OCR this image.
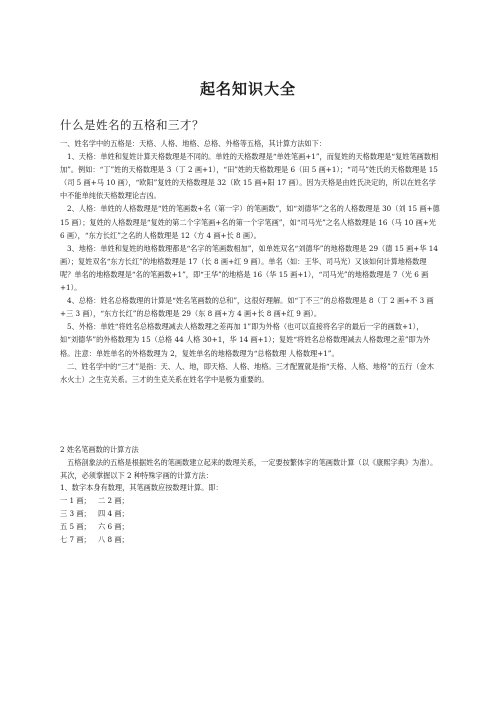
起名知识大全
什么是姓名的五格和三才？

一、姓名学中的五格是：天格、人格、地格、总格、外格等五格，其计算方法如下：

1、天格：单姓和复姓计算天格数理是不同的。单姓的天格数理是“单姓笔画+1”，而复姓的天格数理是“复姓笔画数相加”。例如：“丁”姓的天格数理是 3（丁 2 画+1），“田”姓的天格数理是 6（田 5 画+1）；“司马”姓氏的天格数理是 15（司 5 画+马 10 画），“欧阳”复姓的天格数理是 32（欧 15 画+阳 17 画）。因为天格是由姓氏决定的，所以在姓名学中不能单纯依天格数理论吉凶。

2、人格：单姓的人格数理是“姓的笔画数+名（第一字）的笔画数”，如“刘德华”之名的人格数理是 30（刘 15 画+德 15 画）；复姓的人格数理是“复姓的第二个字笔画+名的第一个字笔画”，如“司马光”之名人格数理是 16（马 10 画+光 6 画），“东方长红”之名的人格数理是 12（方 4 画+长 8 画）。

3、地格：单姓和复姓的地格数理都是“名字的笔画数相加”，如单姓双名“刘德华”的地格数理是 29（德 15 画+华 14 画）；复姓双名“东方长红”的地格数理是 17（长 8 画+红 9 画）。单名（如：王华、司马光）又该如何计算地格数理呢？单名的地格数理是“名的笔画数+1”，即“王华”的地格是 16（华 15 画+1），“司马光”的地格数理是 7（光 6 画+1）。

4、总格：姓名总格数理的计算是“姓名笔画数的总和”，这很好理解。如“丁不三”的总格数理是 8（丁 2 画+不 3 画+三 3 画），“东方长红”的总格数理是 29（东 8 画+方 4 画+长 8 画+红 9 画）。

5、外格：单姓“将姓名总格数理减去人格数理之差再加 1”即为外格（也可以直接将名字的最后一字的画数+1），如“刘德华”的外格数理为 15（总格 44 人格 30+1，华 14 画+1）；复姓“将姓名总格数理减去人格数理之差”即为外格。注意：单姓单名的外格数理为 2，复姓单名的地格数理为“总格数理 人格数理+1”。

二、姓名学中的“三才”是指：天、人、地，即天格、人格、地格。三才配置就是指“天格、人格、地格”的五行（金木水火土）之生克关系。三才的生克关系在姓名学中是极为重要的。

2 姓名笔画数的计算方法

五格剖象法的五格是根据姓名的笔画数建立起来的数理关系，一定要按繁体字的笔画数计算（以《康熙字典》为准）。其次，必须掌握以下 2 种特殊字画的计算方法：

1、数字本身有数理，其笔画数应按数理计算。即：

一 1 画；	二 2 画；
三 3 画；	四 4 画；
五 5 画；	六 6 画；
七 7 画；	八 8 画；
